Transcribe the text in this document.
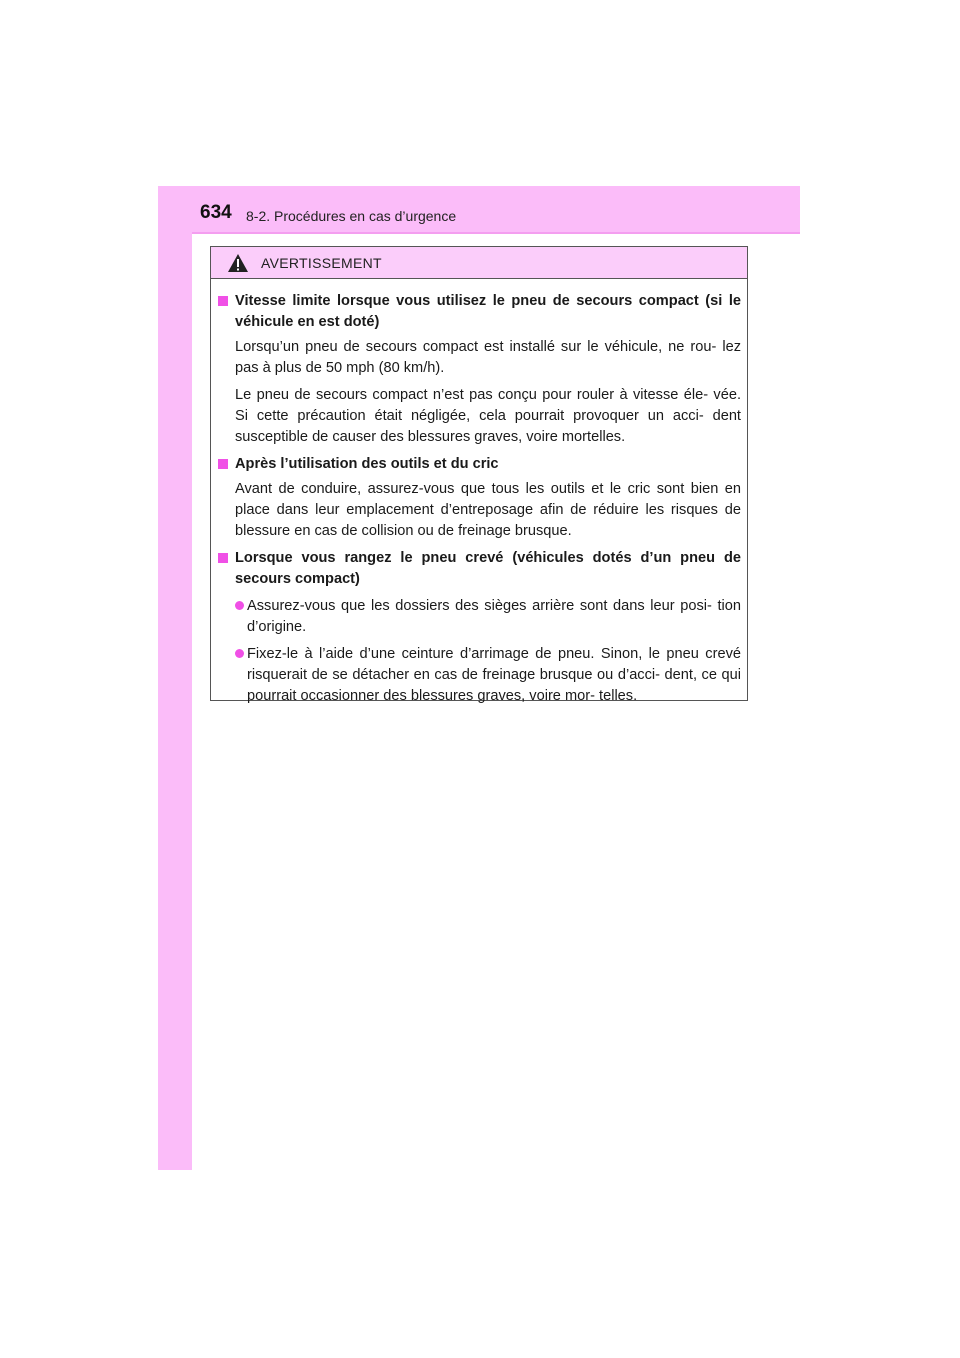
634 8-2. Procédures en cas d’urgence
AVERTISSEMENT
Vitesse limite lorsque vous utilisez le pneu de secours compact (si le véhicule en est doté)
Lorsqu’un pneu de secours compact est installé sur le véhicule, ne rou- lez pas à plus de 50 mph (80 km/h).
Le pneu de secours compact n’est pas conçu pour rouler à vitesse éle- vée. Si cette précaution était négligée, cela pourrait provoquer un acci- dent susceptible de causer des blessures graves, voire mortelles.
Après l’utilisation des outils et du cric
Avant de conduire, assurez-vous que tous les outils et le cric sont bien en place dans leur emplacement d’entreposage afin de réduire les risques de blessure en cas de collision ou de freinage brusque.
Lorsque vous rangez le pneu crevé (véhicules dotés d’un pneu de secours compact)
Assurez-vous que les dossiers des sièges arrière sont dans leur posi- tion d’origine.
Fixez-le à l’aide d’une ceinture d’arrimage de pneu. Sinon, le pneu crevé risquerait de se détacher en cas de freinage brusque ou d’acci- dent, ce qui pourrait occasionner des blessures graves, voire mor- telles.
